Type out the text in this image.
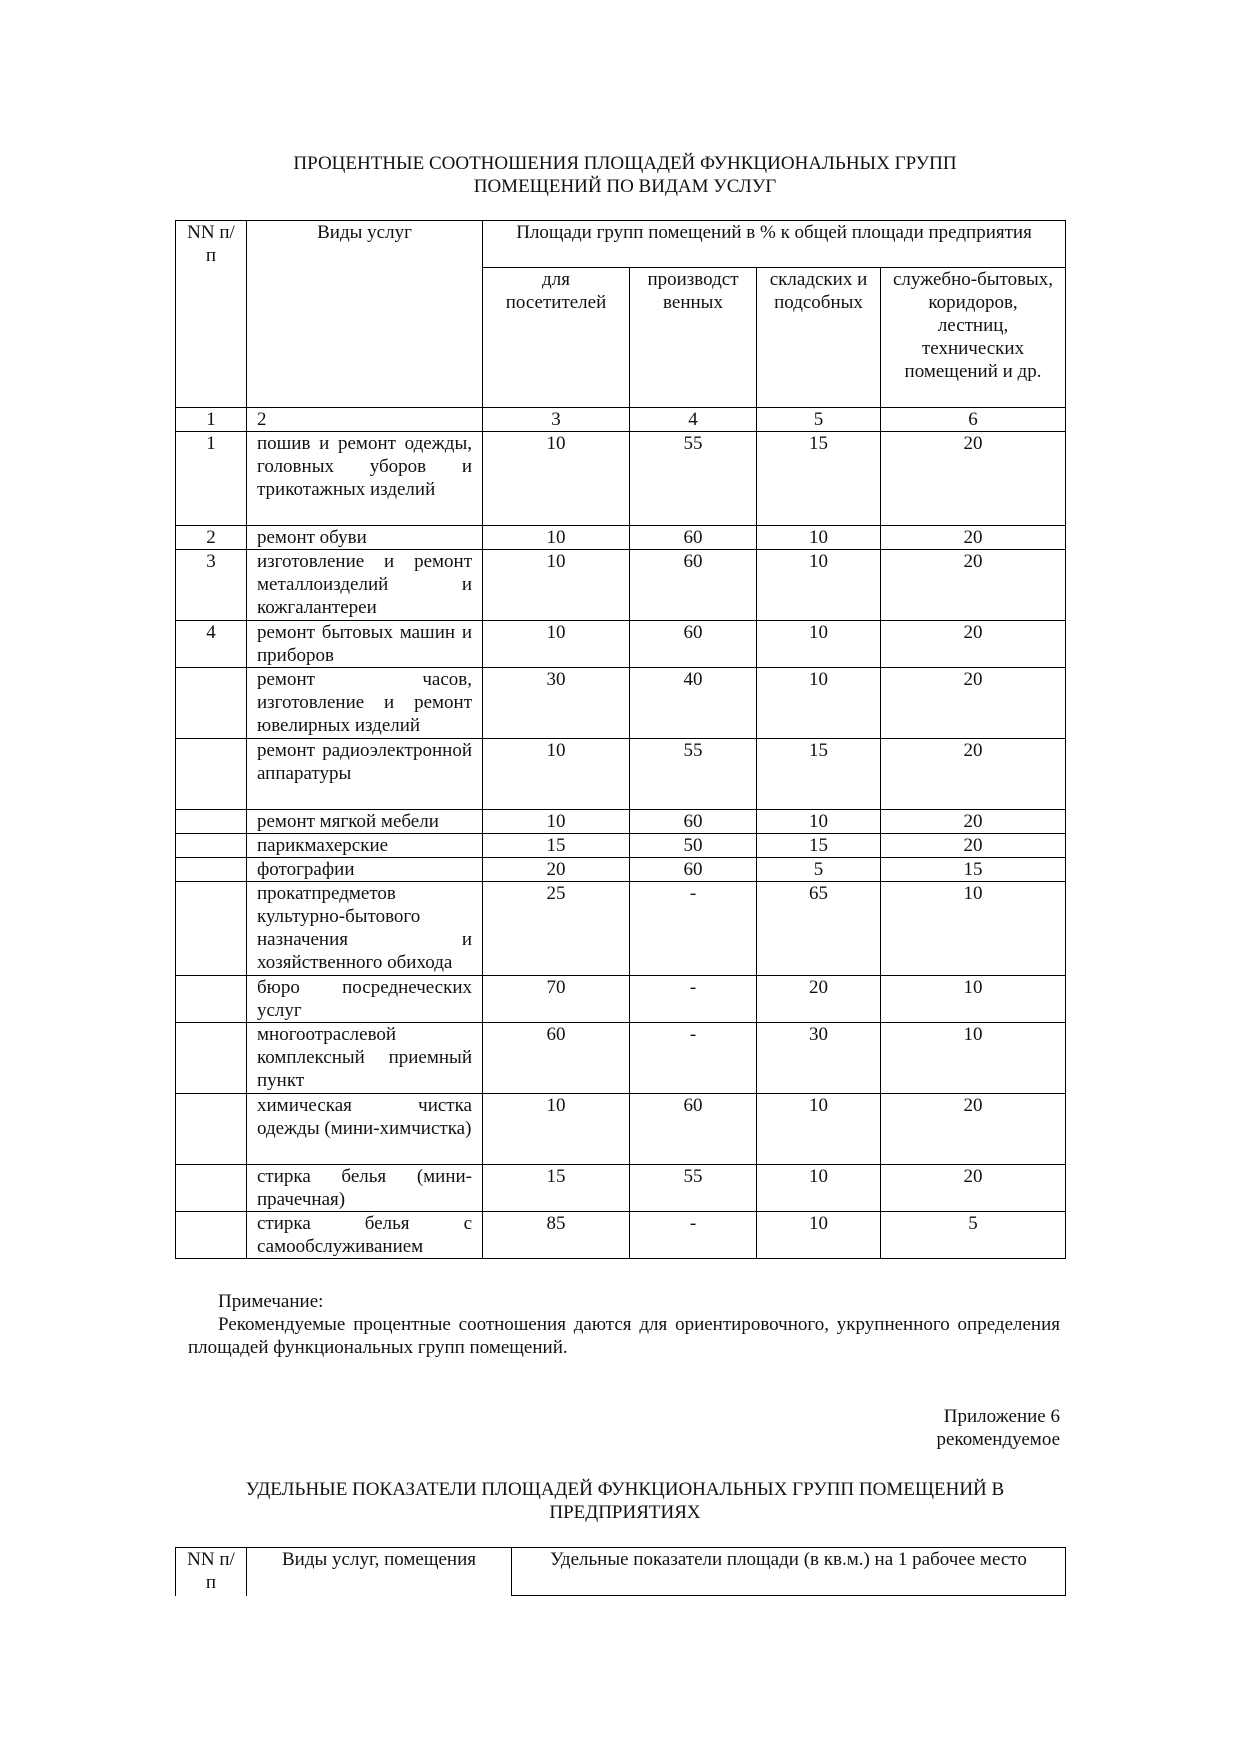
ПРОЦЕНТНЫЕ СООТНОШЕНИЯ ПЛОЩАДЕЙ ФУНКЦИОНАЛЬНЫХ ГРУПП
ПОМЕЩЕНИЙ ПО ВИДАМ УСЛУГ
NN п/п	Виды услуг	Площади групп помещений в % к общей площади предприятия			
		для посетителей	производст венных	складских и подсобных	служебно-бытовых, коридоров, лестниц, технических помещений и др.
1	2	3	4	5	6
1	пошив и ремонт одежды, головных уборов и трикотажных изделий	10	55	15	20
2	ремонт обуви	10	60	10	20
3	изготовление и ремонт металлоизделий и кожгалантереи	10	60	10	20
4	ремонт бытовых машин и приборов	10	60	10	20
	ремонт часов, изготовление и ремонт ювелирных изделий	30	40	10	20
	ремонт радиоэлектронной аппаратуры	10	55	15	20
	ремонт мягкой мебели	10	60	10	20
	парикмахерские	15	50	15	20
	фотографии	20	60	5	15
	прокатпредметов культурно-бытового назначения и хозяйственного обихода	25	-	65	10
	бюро посреднеческих услуг	70	-	20	10
	многоотраслевой комплексный приемный пункт	60	-	30	10
	химическая чистка одежды (мини-химчистка)	10	60	10	20
	стирка белья (мини-прачечная)	15	55	10	20
	стирка белья с самообслуживанием	85	-	10	5
Примечание:
Рекомендуемые процентные соотношения даются для ориентировочного, укрупненного определения площадей функциональных групп помещений.
Приложение 6
рекомендуемое
УДЕЛЬНЫЕ ПОКАЗАТЕЛИ ПЛОЩАДЕЙ ФУНКЦИОНАЛЬНЫХ ГРУПП ПОМЕЩЕНИЙ В
ПРЕДПРИЯТИЯХ
NN п/п	Виды услуг, помещения	Удельные показатели площади (в кв.м.) на 1 рабочее место
